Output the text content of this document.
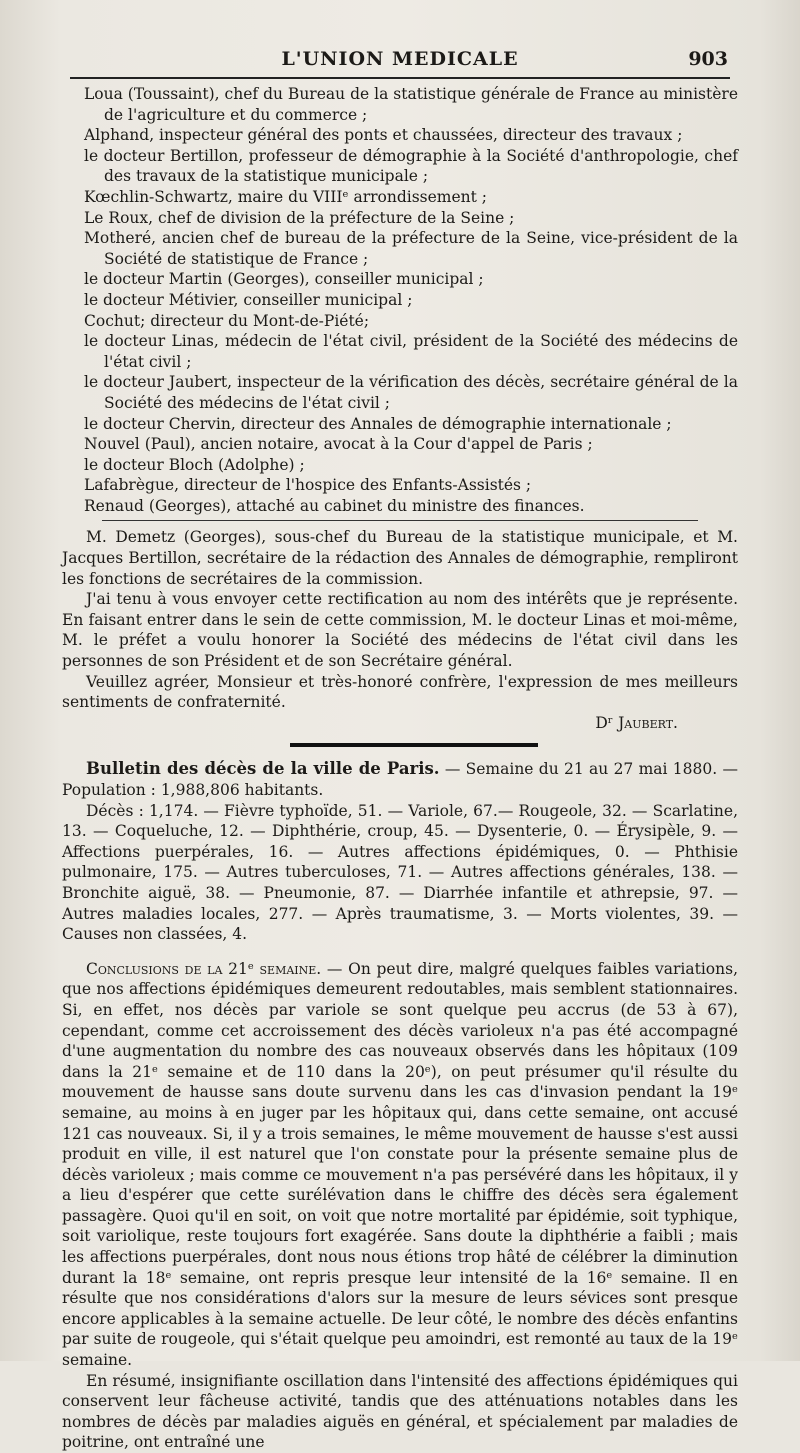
L'UNION MEDICALE	903

Loua (Toussaint), chef du Bureau de la statistique générale de France au ministère de l'agriculture et du commerce ;

Alphand, inspecteur général des ponts et chaussées, directeur des travaux ;

le docteur Bertillon, professeur de démographie à la Société d'anthropologie, chef des travaux de la statistique municipale ;

Kœchlin-Schwartz, maire du VIIIᵉ arrondissement ;

Le Roux, chef de division de la préfecture de la Seine ;

Motheré, ancien chef de bureau de la préfecture de la Seine, vice-président de la Société de statistique de France ;

le docteur Martin (Georges), conseiller municipal ;

le docteur Métivier, conseiller municipal ;

Cochut; directeur du Mont-de-Piété;

le docteur Linas, médecin de l'état civil, président de la Société des médecins de l'état civil ;

le docteur Jaubert, inspecteur de la vérification des décès, secrétaire général de la Société des médecins de l'état civil ;

le docteur Chervin, directeur des Annales de démographie internationale ;

Nouvel (Paul), ancien notaire, avocat à la Cour d'appel de Paris ;

le docteur Bloch (Adolphe) ;

Lafabrègue, directeur de l'hospice des Enfants-Assistés ;

Renaud (Georges), attaché au cabinet du ministre des finances.

M. Demetz (Georges), sous-chef du Bureau de la statistique municipale, et M. Jacques Bertillon, secrétaire de la rédaction des Annales de démographie, rempliront les fonctions de secrétaires de la commission.

J'ai tenu à vous envoyer cette rectification au nom des intérêts que je représente. En faisant entrer dans le sein de cette commission, M. le docteur Linas et moi-même, M. le préfet a voulu honorer la Société des médecins de l'état civil dans les personnes de son Président et de son Secrétaire général.

Veuillez agréer, Monsieur et très-honoré confrère, l'expression de mes meilleurs sentiments de confraternité.

Dʳ Jaubert.

Bulletin des décès de la ville de Paris. — Semaine du 21 au 27 mai 1880. — Population : 1,988,806 habitants.

Décès : 1,174. — Fièvre typhoïde, 51. — Variole, 67.— Rougeole, 32. — Scarlatine, 13. — Coqueluche, 12. — Diphthérie, croup, 45. — Dysenterie, 0. — Érysipèle, 9. — Affections puerpérales, 16. — Autres affections épidémiques, 0. — Phthisie pulmonaire, 175. — Autres tuberculoses, 71. — Autres affections générales, 138. — Bronchite aiguë, 38. — Pneumonie, 87. — Diarrhée infantile et athrepsie, 97. — Autres maladies locales, 277. — Après traumatisme, 3. — Morts violentes, 39. — Causes non classées, 4.

Conclusions de la 21ᵉ semaine. — On peut dire, malgré quelques faibles variations, que nos affections épidémiques demeurent redoutables, mais semblent stationnaires. Si, en effet, nos décès par variole se sont quelque peu accrus (de 53 à 67), cependant, comme cet accroissement des décès varioleux n'a pas été accompagné d'une augmentation du nombre des cas nouveaux observés dans les hôpitaux (109 dans la 21ᵉ semaine et de 110 dans la 20ᵉ), on peut présumer qu'il résulte du mouvement de hausse sans doute survenu dans les cas d'invasion pendant la 19ᵉ semaine, au moins à en juger par les hôpitaux qui, dans cette semaine, ont accusé 121 cas nouveaux. Si, il y a trois semaines, le même mouvement de hausse s'est aussi produit en ville, il est naturel que l'on constate pour la présente semaine plus de décès varioleux ; mais comme ce mouvement n'a pas persévéré dans les hôpitaux, il y a lieu d'espérer que cette surélévation dans le chiffre des décès sera également passagère. Quoi qu'il en soit, on voit que notre mortalité par épidémie, soit typhique, soit variolique, reste toujours fort exagérée. Sans doute la diphthérie a faibli ; mais les affections puerpérales, dont nous nous étions trop hâté de célébrer la diminution durant la 18ᵉ semaine, ont repris presque leur intensité de la 16ᵉ semaine. Il en résulte que nos considérations d'alors sur la mesure de leurs sévices sont presque encore applicables à la semaine actuelle. De leur côté, le nombre des décès enfantins par suite de rougeole, qui s'était quelque peu amoindri, est remonté au taux de la 19ᵉ semaine.

En résumé, insignifiante oscillation dans l'intensité des affections épidémiques qui conservent leur fâcheuse activité, tandis que des atténuations notables dans les nombres de décès par maladies aiguës en général, et spécialement par maladies de poitrine, ont entraîné une
